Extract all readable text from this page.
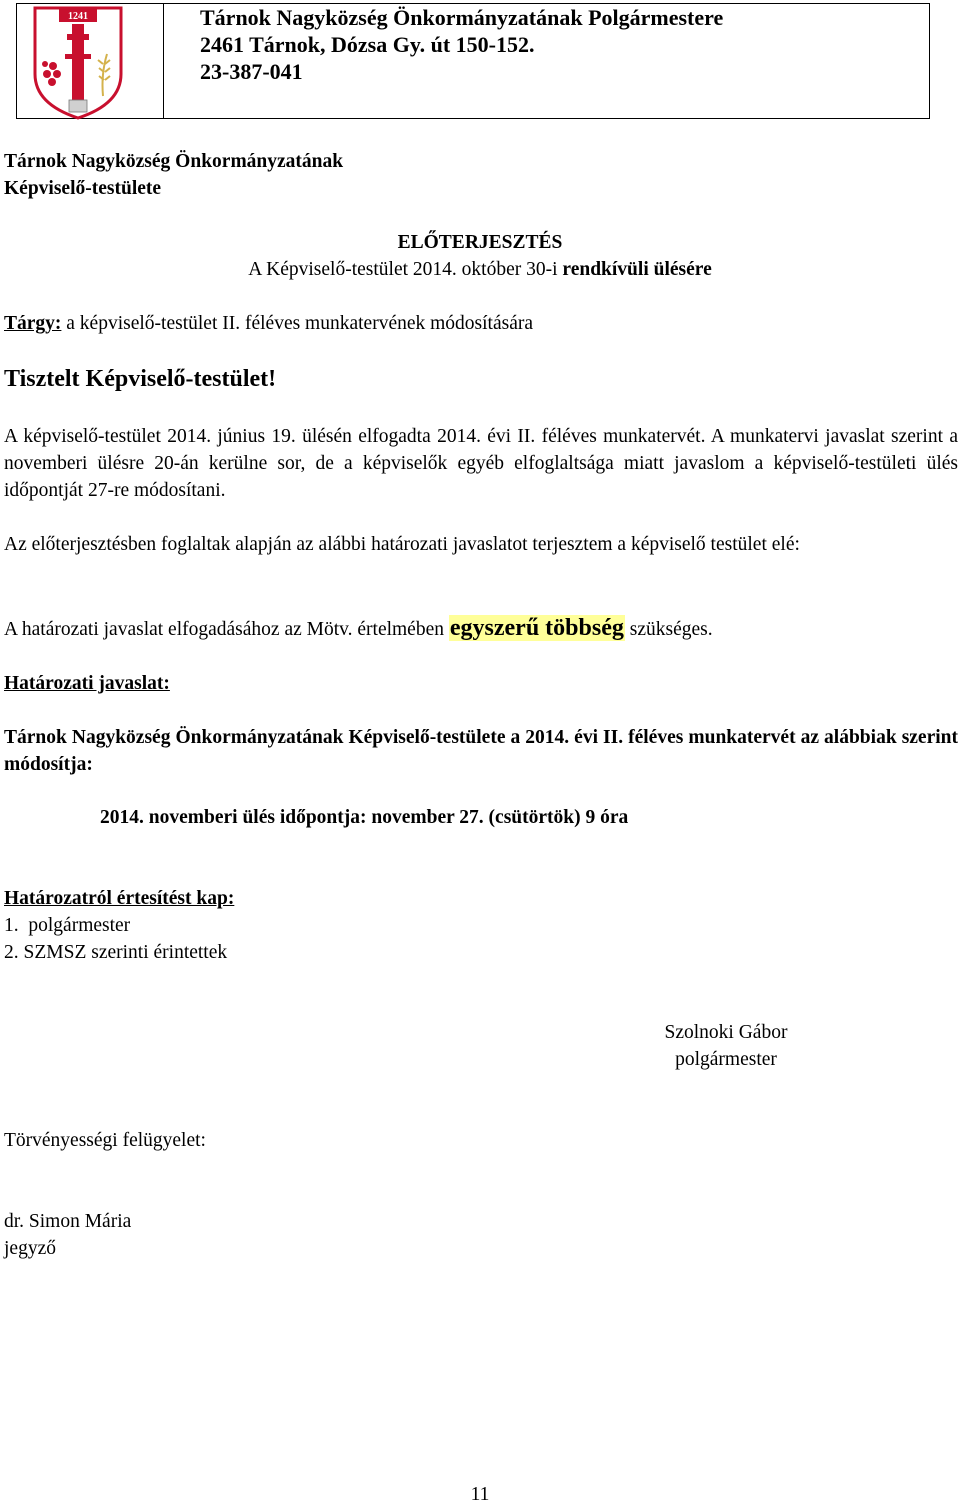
1241	Tárnok Nagyközség Önkormányzatának Polgármestere
2461 Tárnok, Dózsa Gy. út 150-152.
23-387-041
Tárnok Nagyközség Önkormányzatának
Képviselő-testülete
ELŐTERJESZTÉS
A Képviselő-testület 2014. október 30-i rendkívüli ülésére
Tárgy: a képviselő-testület II. féléves munkatervének módosítására
Tisztelt Képviselő-testület!
A képviselő-testület 2014. június 19. ülésén elfogadta 2014. évi II. féléves munkatervét. A munkatervi javaslat szerint a novemberi ülésre 20-án kerülne sor, de a képviselők egyéb elfoglaltsága miatt javaslom a képviselő-testületi ülés időpontját 27-re módosítani.
Az előterjesztésben foglaltak alapján az alábbi határozati javaslatot terjesztem a képviselő testület elé:
A határozati javaslat elfogadásához az Mötv. értelmében egyszerű többség szükséges.
Határozati javaslat:
Tárnok Nagyközség Önkormányzatának Képviselő-testülete a 2014. évi II. féléves munkatervét az alábbiak szerint módosítja:
2014. novemberi ülés időpontja: november 27. (csütörtök) 9 óra
Határozatról értesítést kap:
1.  polgármester
2. SZMSZ szerinti érintettek
Szolnoki Gábor
polgármester
Törvényességi felügyelet:
dr. Simon Mária
jegyző
11
